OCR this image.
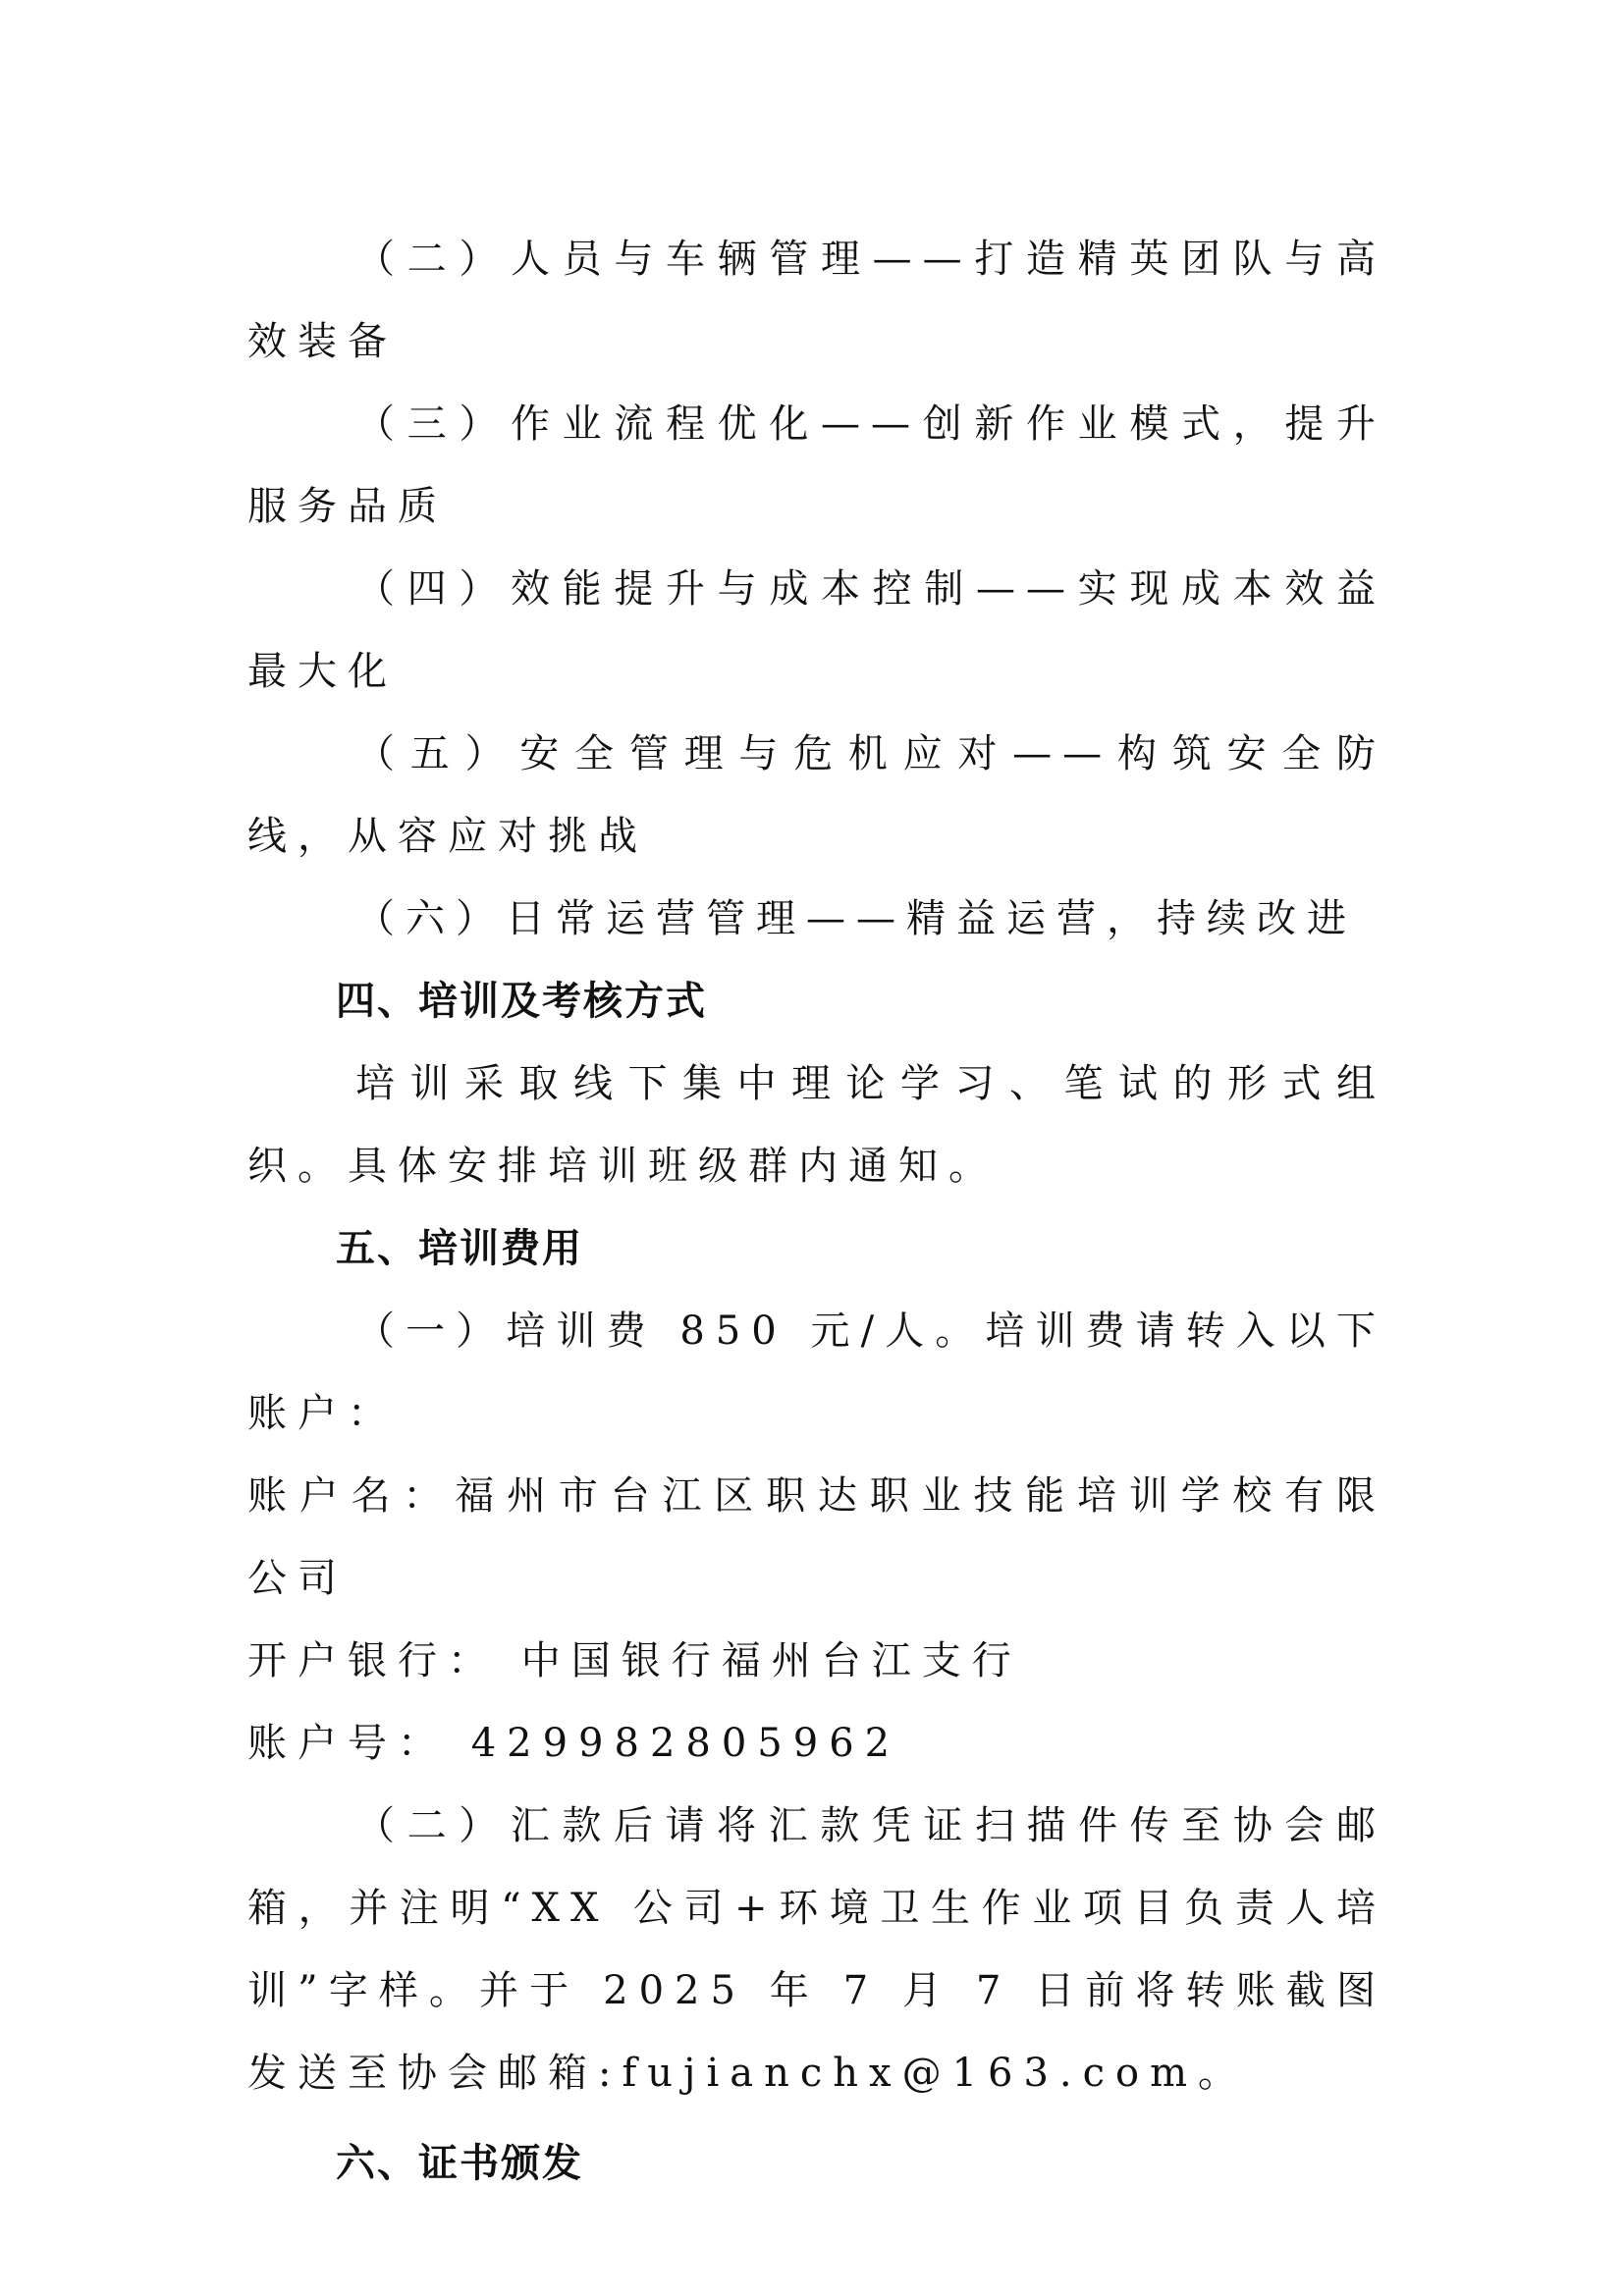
（二）人员与车辆管理——打造精英团队与高效装备

（三）作业流程优化——创新作业模式，提升服务品质

（四）效能提升与成本控制——实现成本效益最大化

（五）安全管理与危机应对——构筑安全防线，从容应对挑战

（六）日常运营管理——精益运营，持续改进

四、培训及考核方式

培训采取线下集中理论学习、笔试的形式组织。具体安排培训班级群内通知。

五、培训费用

（一）培训费 850 元/人。培训费请转入以下账户：

账户名：福州市台江区职达职业技能培训学校有限公司

开户银行： 中国银行福州台江支行

账户号： 429982805962

（二）汇款后请将汇款凭证扫描件传至协会邮箱，并注明“XX 公司+环境卫生作业项目负责人培训”字样。并于 2025 年 7 月 7 日前将转账截图发送至协会邮箱:fujianchx@163.com。

六、证书颁发
